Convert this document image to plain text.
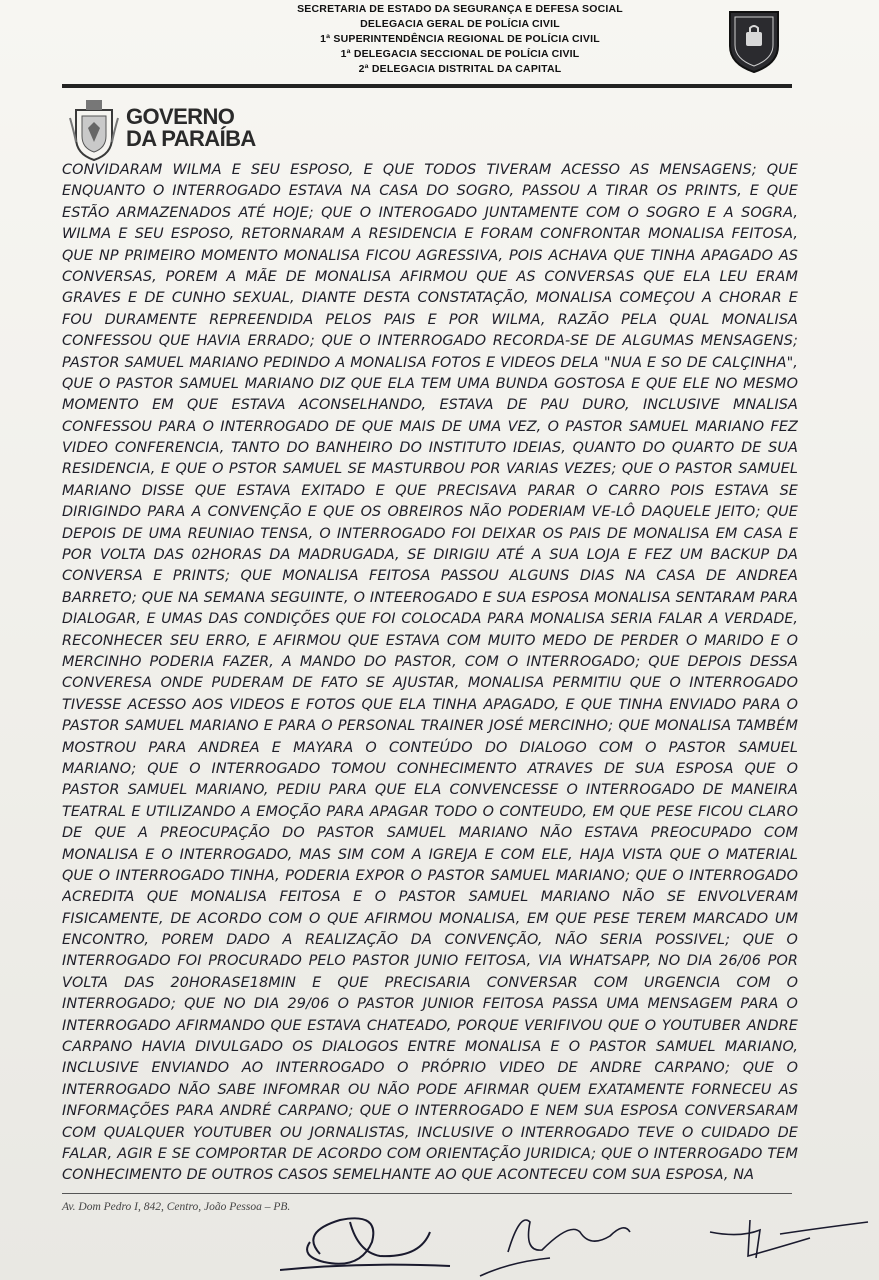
SECRETARIA DE ESTADO DA SEGURANÇA E DEFESA SOCIAL
DELEGACIA GERAL DE POLÍCIA CIVIL
1ª SUPERINTENDÊNCIA REGIONAL DE POLÍCIA CIVIL
1ª DELEGACIA SECCIONAL DE POLÍCIA CIVIL
2ª DELEGACIA DISTRITAL DA CAPITAL
GOVERNO
DA PARAÍBA
CONVIDARAM WILMA E SEU ESPOSO, E QUE TODOS TIVERAM ACESSO AS MENSAGENS; QUE
ENQUANTO O INTERROGADO ESTAVA NA CASA DO SOGRO, PASSOU A TIRAR OS PRINTS, E QUE
ESTÃO ARMAZENADOS ATÉ HOJE; QUE O INTEROGADO JUNTAMENTE COM O SOGRO E A SOGRA,
WILMA E SEU ESPOSO, RETORNARAM A RESIDENCIA E FORAM CONFRONTAR MONALISA FEITOSA,
QUE NP PRIMEIRO MOMENTO MONALISA FICOU AGRESSIVA, POIS ACHAVA QUE TINHA APAGADO AS
CONVERSAS, POREM A MÃE DE MONALISA AFIRMOU QUE AS CONVERSAS QUE ELA LEU ERAM
GRAVES E DE CUNHO SEXUAL, DIANTE DESTA CONSTATAÇÃO, MONALISA COMEÇOU A CHORAR E
FOU DURAMENTE REPREENDIDA PELOS PAIS E POR WILMA, RAZÃO PELA QUAL MONALISA
CONFESSOU QUE HAVIA ERRADO; QUE O INTERROGADO RECORDA-SE DE ALGUMAS MENSAGENS;
PASTOR SAMUEL MARIANO PEDINDO A MONALISA FOTOS E VIDEOS DELA "NUA E SO DE CALÇINHA",
QUE O PASTOR SAMUEL MARIANO DIZ QUE ELA TEM UMA BUNDA GOSTOSA E QUE ELE NO MESMO
MOMENTO EM QUE ESTAVA ACONSELHANDO, ESTAVA DE PAU DURO, INCLUSIVE MNALISA
CONFESSOU PARA O INTERROGADO DE QUE MAIS DE UMA VEZ, O PASTOR SAMUEL MARIANO FEZ
VIDEO CONFERENCIA, TANTO DO BANHEIRO DO INSTITUTO IDEIAS, QUANTO DO QUARTO DE SUA
RESIDENCIA, E QUE O PSTOR SAMUEL SE MASTURBOU POR VARIAS VEZES; QUE O PASTOR SAMUEL
MARIANO DISSE QUE ESTAVA EXITADO E QUE PRECISAVA PARAR O CARRO POIS ESTAVA SE
DIRIGINDO PARA A CONVENÇÃO E QUE OS OBREIROS NÃO PODERIAM VE-LÔ DAQUELE JEITO; QUE
DEPOIS DE UMA REUNIAO TENSA, O INTERROGADO FOI DEIXAR OS PAIS DE MONALISA EM CASA E
POR VOLTA DAS 02HORAS DA MADRUGADA, SE DIRIGIU ATÉ A SUA LOJA E FEZ UM BACKUP DA
CONVERSA E PRINTS; QUE MONALISA FEITOSA PASSOU ALGUNS DIAS NA CASA DE ANDREA
BARRETO; QUE NA SEMANA SEGUINTE, O INTEEROGADO E SUA ESPOSA MONALISA SENTARAM PARA
DIALOGAR, E UMAS DAS CONDIÇÕES QUE FOI COLOCADA PARA MONALISA SERIA FALAR A VERDADE,
RECONHECER SEU ERRO, E AFIRMOU QUE ESTAVA COM MUITO MEDO DE PERDER O MARIDO E O
MERCINHO PODERIA FAZER, A MANDO DO PASTOR, COM O INTERROGADO; QUE DEPOIS DESSA
CONVERESA ONDE PUDERAM DE FATO SE AJUSTAR, MONALISA PERMITIU QUE O INTERROGADO
TIVESSE ACESSO AOS VIDEOS E FOTOS QUE ELA TINHA APAGADO, E QUE TINHA ENVIADO PARA O
PASTOR SAMUEL MARIANO E PARA O PERSONAL TRAINER JOSÉ MERCINHO; QUE MONALISA TAMBÉM
MOSTROU PARA ANDREA E MAYARA O CONTEÚDO DO DIALOGO COM O PASTOR SAMUEL
MARIANO; QUE O INTERROGADO TOMOU CONHECIMENTO ATRAVES DE SUA ESPOSA QUE O
PASTOR SAMUEL MARIANO, PEDIU PARA QUE ELA CONVENCESSE O INTERROGADO DE MANEIRA
TEATRAL E UTILIZANDO A EMOÇÃO PARA APAGAR TODO O CONTEUDO, EM QUE PESE FICOU CLARO
DE QUE A PREOCUPAÇÃO DO PASTOR SAMUEL MARIANO NÃO ESTAVA PREOCUPADO COM
MONALISA E O INTERROGADO, MAS SIM COM A IGREJA E COM ELE, HAJA VISTA QUE O MATERIAL
QUE O INTERROGADO TINHA, PODERIA EXPOR O PASTOR SAMUEL MARIANO; QUE O INTERROGADO
ACREDITA QUE MONALISA FEITOSA E O PASTOR SAMUEL MARIANO NÃO SE ENVOLVERAM
FISICAMENTE, DE ACORDO COM O QUE AFIRMOU MONALISA, EM QUE PESE TEREM MARCADO UM
ENCONTRO, POREM DADO A REALIZAÇÃO DA CONVENÇÃO, NÃO SERIA POSSIVEL; QUE O
INTERROGADO FOI PROCURADO PELO PASTOR JUNIO FEITOSA, VIA WHATSAPP, NO DIA 26/06 POR
VOLTA DAS 20HORASE18MIN E QUE PRECISARIA CONVERSAR COM URGENCIA COM O
INTERROGADO; QUE NO DIA 29/06 O PASTOR JUNIOR FEITOSA PASSA UMA MENSAGEM PARA O
INTERROGADO AFIRMANDO QUE ESTAVA CHATEADO, PORQUE VERIFIVOU QUE O YOUTUBER ANDRE
CARPANO HAVIA DIVULGADO OS DIALOGOS ENTRE MONALISA E O PASTOR SAMUEL MARIANO,
INCLUSIVE ENVIANDO AO INTERROGADO O PRÓPRIO VIDEO DE ANDRE CARPANO; QUE O
INTERROGADO NÃO SABE INFOMRAR OU NÃO PODE AFIRMAR QUEM EXATAMENTE FORNECEU AS
INFORMAÇÕES PARA ANDRÉ CARPANO; QUE O INTERROGADO E NEM SUA ESPOSA CONVERSARAM
COM QUALQUER YOUTUBER OU JORNALISTAS, INCLUSIVE O INTERROGADO TEVE O CUIDADO DE
FALAR, AGIR E SE COMPORTAR DE ACORDO COM ORIENTAÇÃO JURIDICA; QUE O INTERROGADO TEM
CONHECIMENTO DE OUTROS CASOS SEMELHANTE AO QUE ACONTECEU COM SUA ESPOSA, NA
Av. Dom Pedro I, 842, Centro, João Pessoa – PB.
